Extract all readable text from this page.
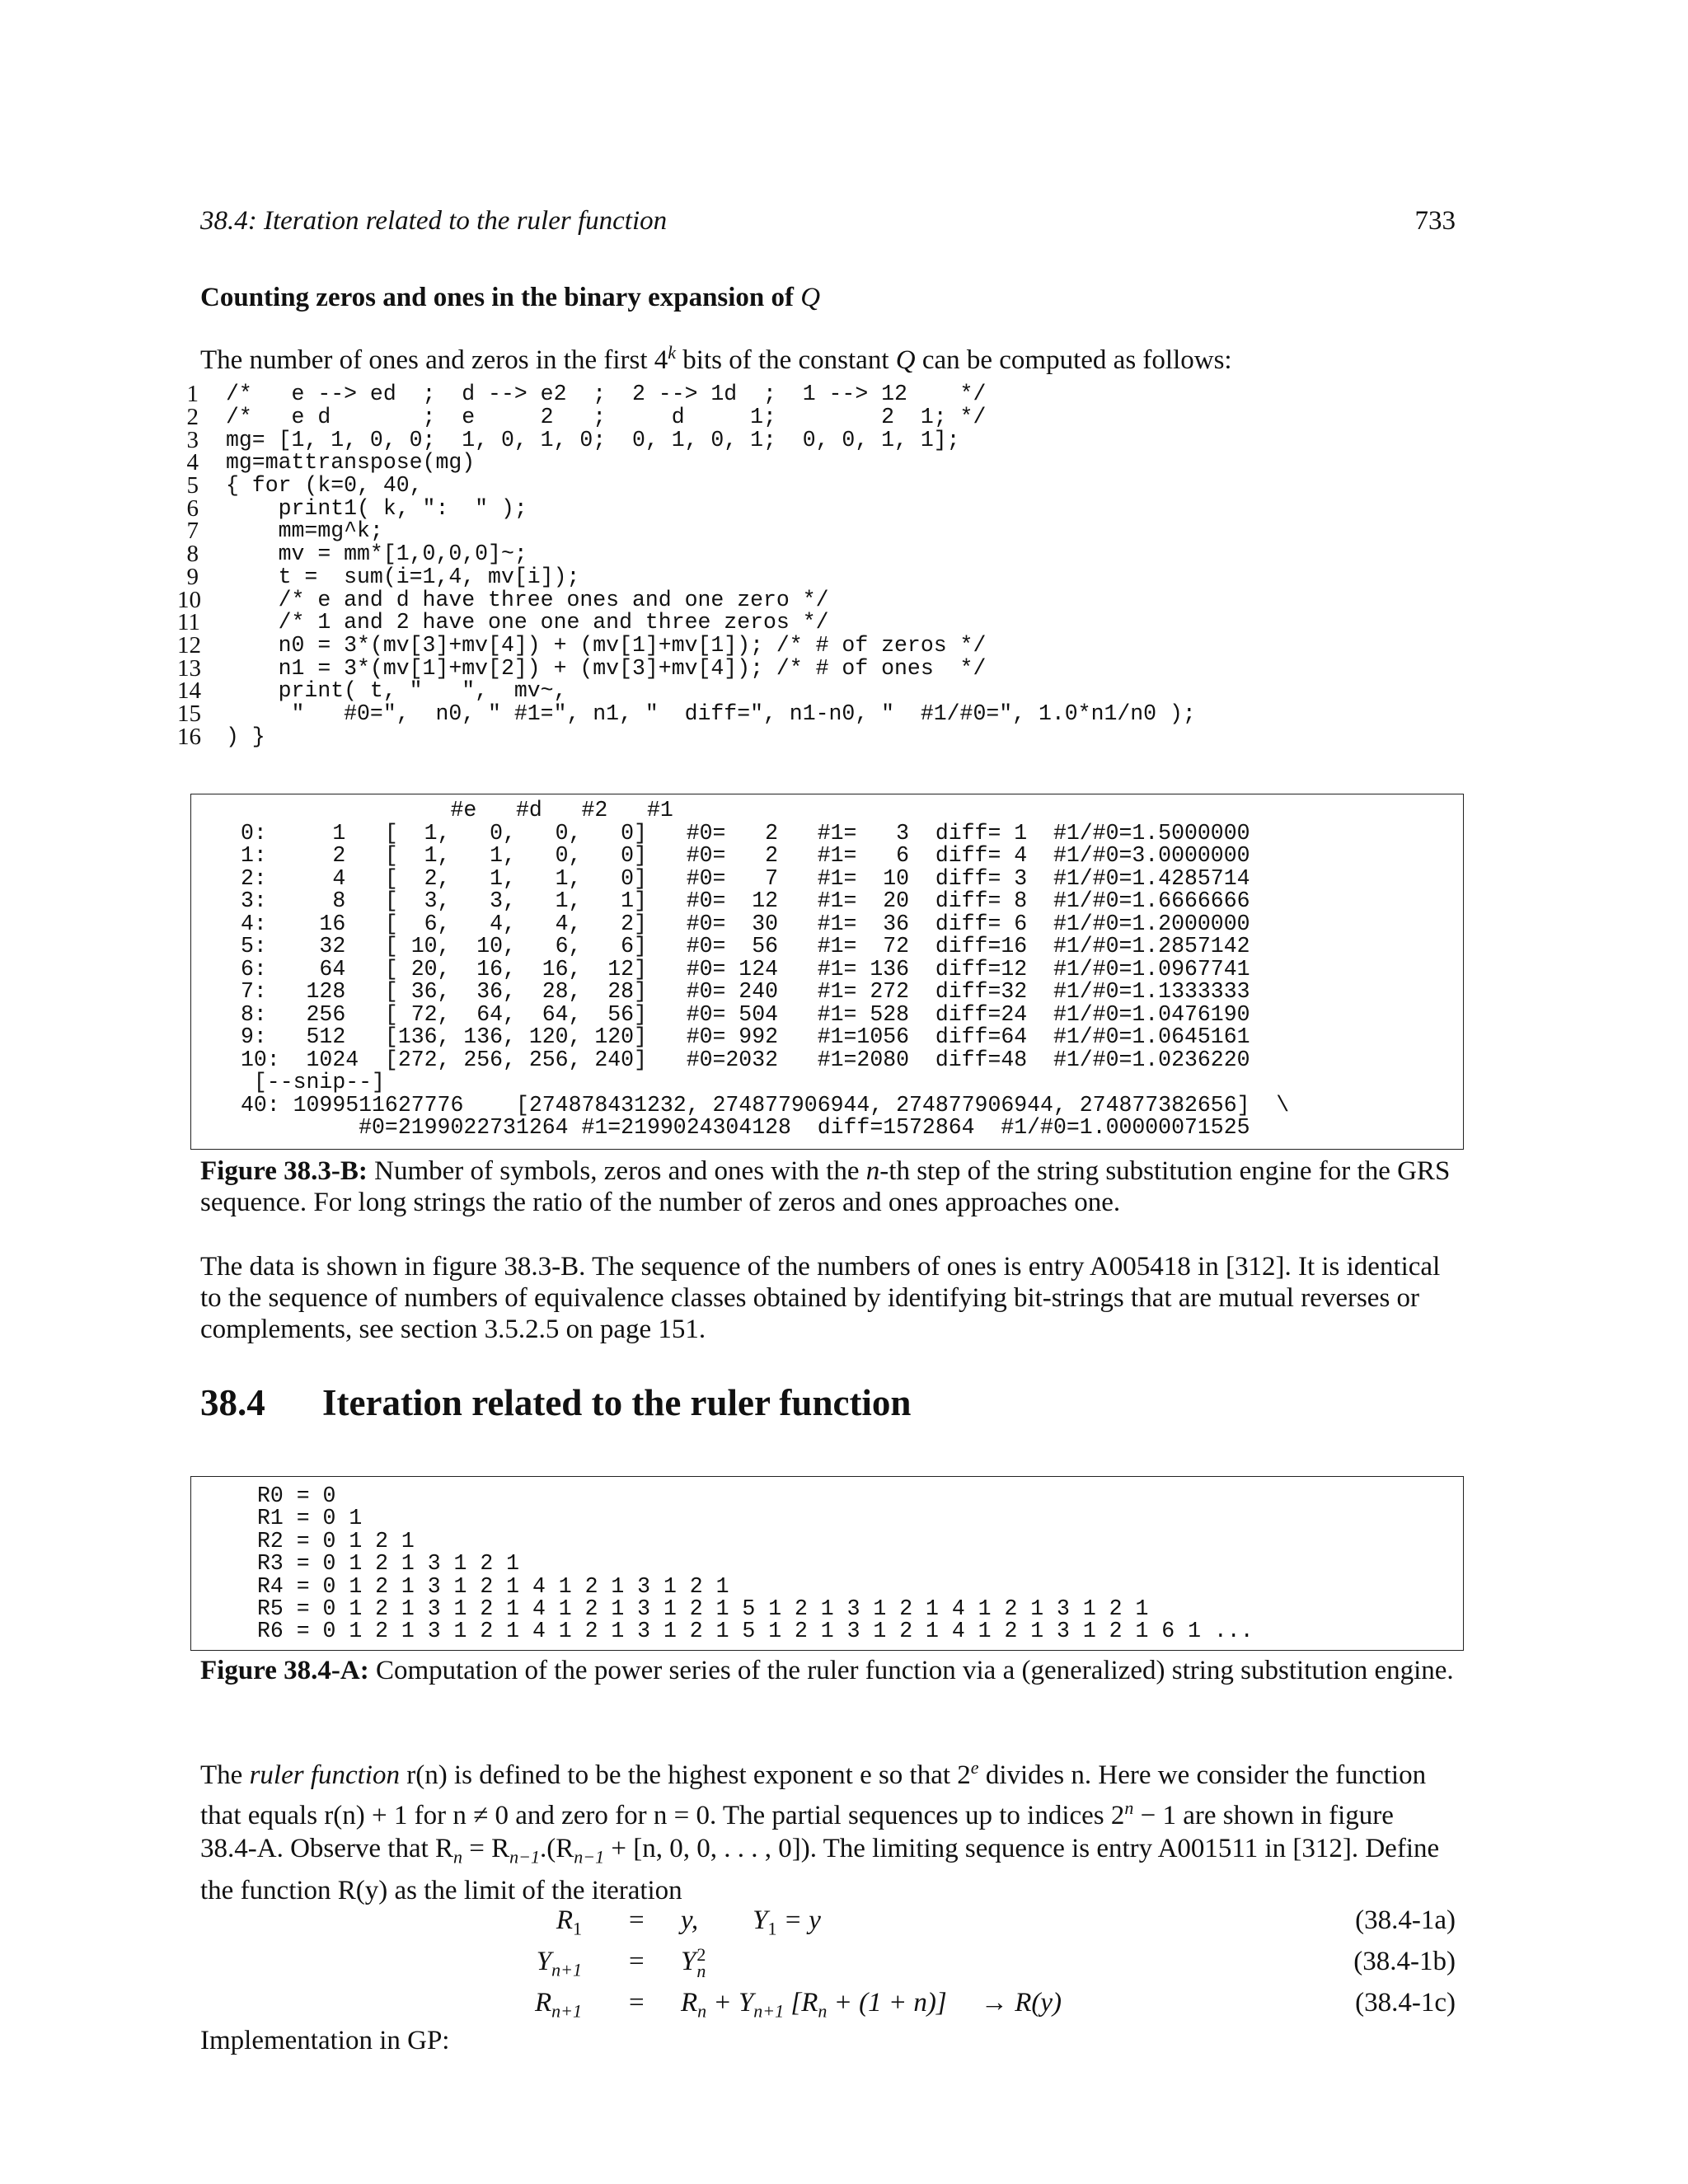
38.4: Iteration related to the ruler function	733
Counting zeros and ones in the binary expansion of Q
The number of ones and zeros in the first 4$^k$ bits of the constant Q can be computed as follows:
1 /*   e --> ed  ;  d --> e2  ;  2 --> 1d  ;  1 --> 12    */
2 /*   e d       ;  e     2   ;     d     1;        2  1; */
3 mg= [1, 1, 0, 0;  1, 0, 1, 0;  0, 1, 0, 1;  0, 0, 1, 1];
4 mg=mattranspose(mg)
5 { for (k=0, 40,
6 print1( k, ":  " );
7 mm=mg^k;
8 mv = mm*[1,0,0,0]~;
9 t =  sum(i=1,4, mv[i]);
10 /* e and d have three ones and one zero */
11 /* 1 and 2 have one one and three zeros */
12 n0 = 3*(mv[3]+mv[4]) + (mv[1]+mv[1]); /* # of zeros */
13 n1 = 3*(mv[1]+mv[2]) + (mv[3]+mv[4]); /* # of ones  */
14 print( t, "   ",  mv~,
15 "   #0=",  n0, " #1=", n1, "  diff=", n1-n0, "  #1/#0=", 1.0*n1/n0 );
16 ) }
#e   #d   #2   #1
0:     1   [  1,   0,   0,   0]   #0=   2   #1=   3  diff= 1  #1/#0=1.5000000
1:     2   [  1,   1,   0,   0]   #0=   2   #1=   6  diff= 4  #1/#0=3.0000000
2:     4   [  2,   1,   1,   0]   #0=   7   #1=  10  diff= 3  #1/#0=1.4285714
3:     8   [  3,   3,   1,   1]   #0=  12   #1=  20  diff= 8  #1/#0=1.6666666
4:    16   [  6,   4,   4,   2]   #0=  30   #1=  36  diff= 6  #1/#0=1.2000000
5:    32   [ 10,  10,   6,   6]   #0=  56   #1=  72  diff=16  #1/#0=1.2857142
6:    64   [ 20,  16,  16,  12]   #0= 124   #1= 136  diff=12  #1/#0=1.0967741
7:   128   [ 36,  36,  28,  28]   #0= 240   #1= 272  diff=32  #1/#0=1.1333333
8:   256   [ 72,  64,  64,  56]   #0= 504   #1= 528  diff=24  #1/#0=1.0476190
9:   512   [136, 136, 120, 120]   #0= 992   #1=1056  diff=64  #1/#0=1.0645161
10:  1024  [272, 256, 256, 240]   #0=2032   #1=2080  diff=48  #1/#0=1.0236220
[--snip--]
40: 1099511627776    [274878431232, 274877906944, 274877906944, 274877382656]  \
#0=2199022731264 #1=2199024304128  diff=1572864  #1/#0=1.00000071525
Figure 38.3-B: Number of symbols, zeros and ones with the n-th step of the string substitution engine for the GRS sequence. For long strings the ratio of the number of zeros and ones approaches one.
The data is shown in figure 38.3-B. The sequence of the numbers of ones is entry A005418 in [312]. It is identical to the sequence of numbers of equivalence classes obtained by identifying bit-strings that are mutual reverses or complements, see section 3.5.2.5 on page 151.
38.4 Iteration related to the ruler function
R0 = 0
R1 = 0 1
R2 = 0 1 2 1
R3 = 0 1 2 1 3 1 2 1
R4 = 0 1 2 1 3 1 2 1 4 1 2 1 3 1 2 1
R5 = 0 1 2 1 3 1 2 1 4 1 2 1 3 1 2 1 5 1 2 1 3 1 2 1 4 1 2 1 3 1 2 1
R6 = 0 1 2 1 3 1 2 1 4 1 2 1 3 1 2 1 5 1 2 1 3 1 2 1 4 1 2 1 3 1 2 1 6 1 ...
Figure 38.4-A: Computation of the power series of the ruler function via a (generalized) string substitution engine.
The ruler function r(n) is defined to be the highest exponent e so that 2e divides n. Here we consider the function that equals r(n) + 1 for n ≠ 0 and zero for n = 0. The partial sequences up to indices $2^n - 1$ are shown in figure 38.4-A. Observe that $R_n = R_{n-1}.(R_{n-1} + [n$, 0, 0, . . . , 0]). The limiting sequence is entry A001511 in [312]. Define the function R(y) as the limit of the iteration
$R_1 = y$,        $Y_1 = y$	(38.4-1a)
$Y_{n+1} = Y$ 2
n	(38.4-1b)
$R_{n+1} = R_n + Y_{n+1}$ $[R_n + (1 + n)]$     → R(y)	(38.4-1c)
Implementation in GP:
